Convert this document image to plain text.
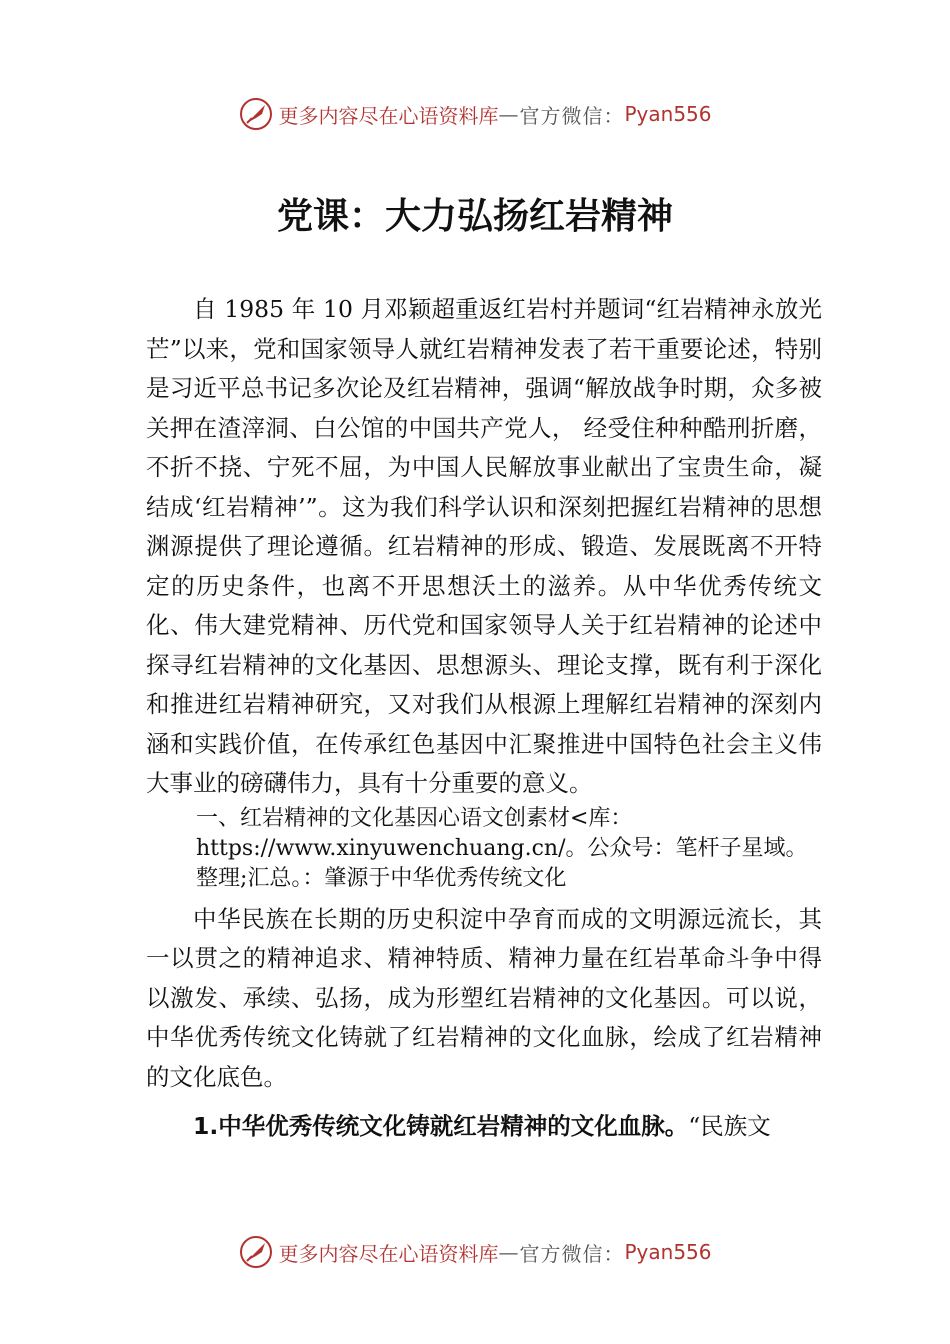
更多内容尽在心语资料库 — 官方微信： Pyan556
党课：大力弘扬红岩精神

自 1985 年 10 月邓颖超重返红岩村并题词“红岩精神永放光芒”以来，党和国家领导人就红岩精神发表了若干重要论述，特别是习近平总书记多次论及红岩精神，强调“解放战争时期，众多被关押在渣滓洞、白公馆的中国共产党人， 经受住种种酷刑折磨，不折不挠、宁死不屈，为中国人民解放事业献出了宝贵生命，凝结成‘红岩精神’”。这为我们科学认识和深刻把握红岩精神的思想渊源提供了理论遵循。红岩精神的形成、锻造、发展既离不开特定的历史条件，也离不开思想沃土的滋养。从中华优秀传统文化、伟大建党精神、历代党和国家领导人关于红岩精神的论述中探寻红岩精神的文化基因、思想源头、理论支撑，既有利于深化和推进红岩精神研究，又对我们从根源上理解红岩精神的深刻内涵和实践价值，在传承红色基因中汇聚推进中国特色社会主义伟大事业的磅礴伟力，具有十分重要的意义。

一、红岩精神的文化基因心语文创素材<库：https://www.xinyuwenchuang.cn/。公众号：笔杆子星域。整理;汇总。：肇源于中华优秀传统文化

中华民族在长期的历史积淀中孕育而成的文明源远流长，其一以贯之的精神追求、精神特质、精神力量在红岩革命斗争中得以激发、承续、弘扬，成为形塑红岩精神的文化基因。可以说，中华优秀传统文化铸就了红岩精神的文化血脉，绘成了红岩精神的文化底色。

1.中华优秀传统文化铸就红岩精神的文化血脉。“民族文

更多内容尽在心语资料库 — 官方微信： Pyan556
